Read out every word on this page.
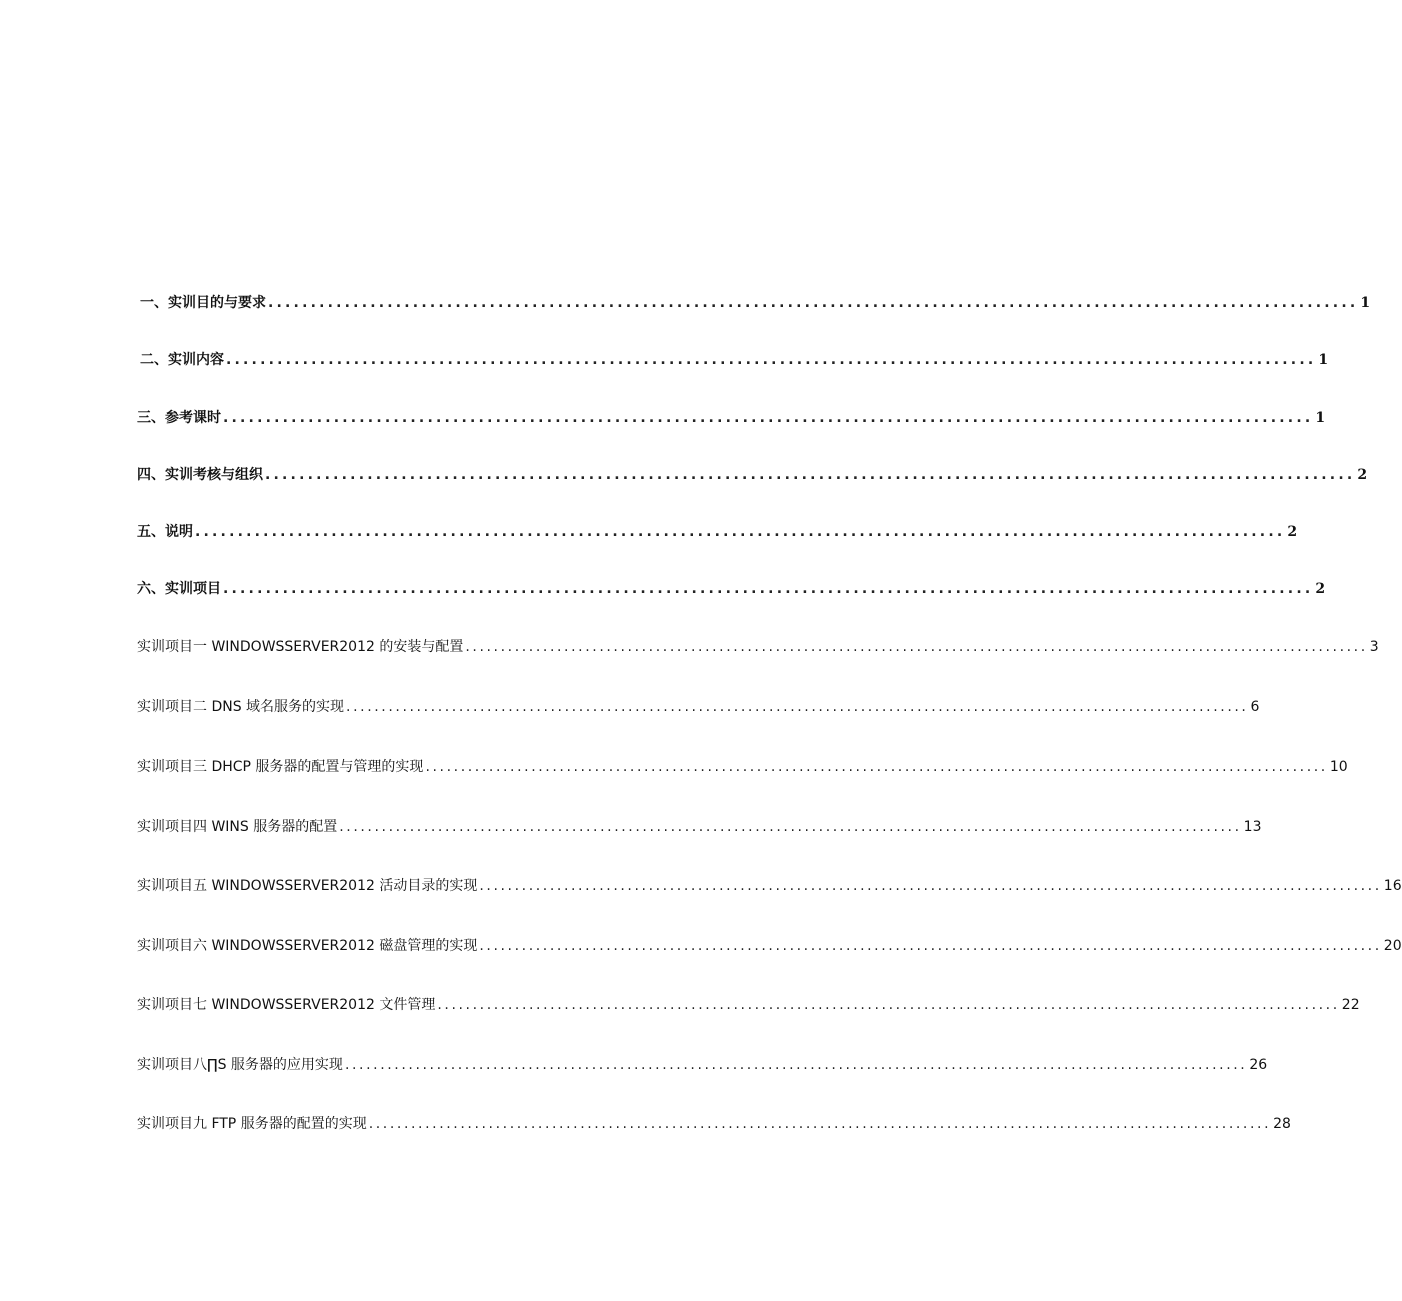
一、实训目的与要求 ................................................................................................................................ 1
二、实训内容 ................................................................................................................................ 1
三、参考课时 ................................................................................................................................ 1
四、实训考核与组织 ................................................................................................................................ 2
五、说明 ................................................................................................................................ 2
六、实训项目 ................................................................................................................................ 2
实训项目一 WINDOWSSERVER2012 的安装与配置 ................................................................................................................................ 3
实训项目二 DNS 域名服务的实现 ................................................................................................................................ 6
实训项目三 DHCP 服务器的配置与管理的实现 ................................................................................................................................ 10
实训项目四 WINS 服务器的配置 ................................................................................................................................ 13
实训项目五 WINDOWSSERVER2012 活动目录的实现 ................................................................................................................................ 16
实训项目六 WINDOWSSERVER2012 磁盘管理的实现 ................................................................................................................................ 20
实训项目七 WINDOWSSERVER2012 文件管理 ................................................................................................................................ 22
实训项目八∏S 服务器的应用实现 ................................................................................................................................ 26
实训项目九 FTP 服务器的配置的实现 ................................................................................................................................ 28
